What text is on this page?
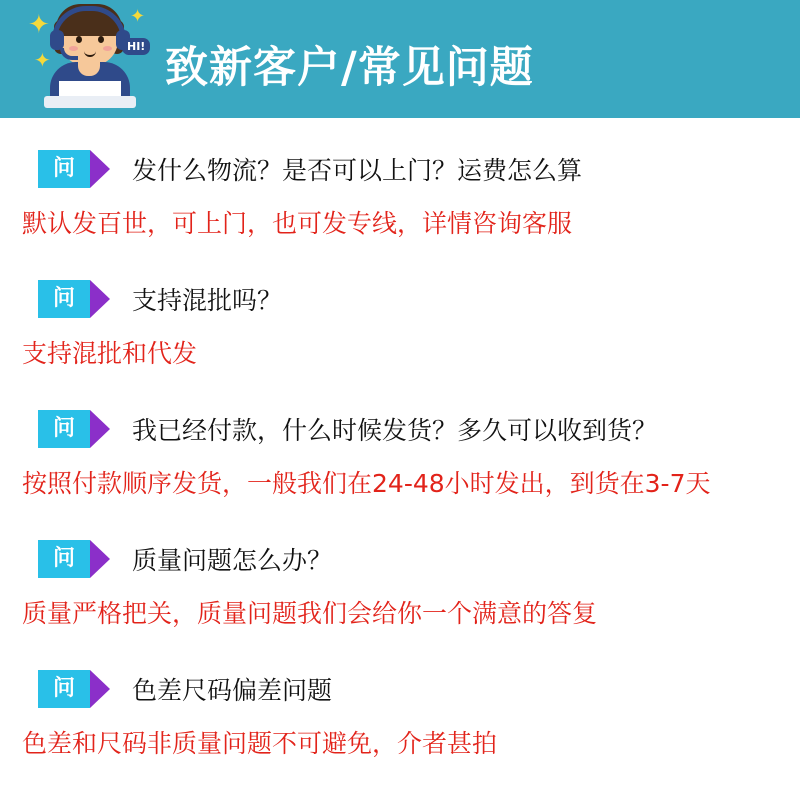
✦
✦
✦
HI! 致新客户/常见问题
问 发什么物流？是否可以上门？运费怎么算
默认发百世，可上门，也可发专线，详情咨询客服
问 支持混批吗？
支持混批和代发
问 我已经付款，什么时候发货？多久可以收到货？
按照付款顺序发货，一般我们在24-48小时发出，到货在3-7天
问 质量问题怎么办？
质量严格把关，质量问题我们会给你一个满意的答复
问 色差尺码偏差问题
色差和尺码非质量问题不可避免，介者甚拍
